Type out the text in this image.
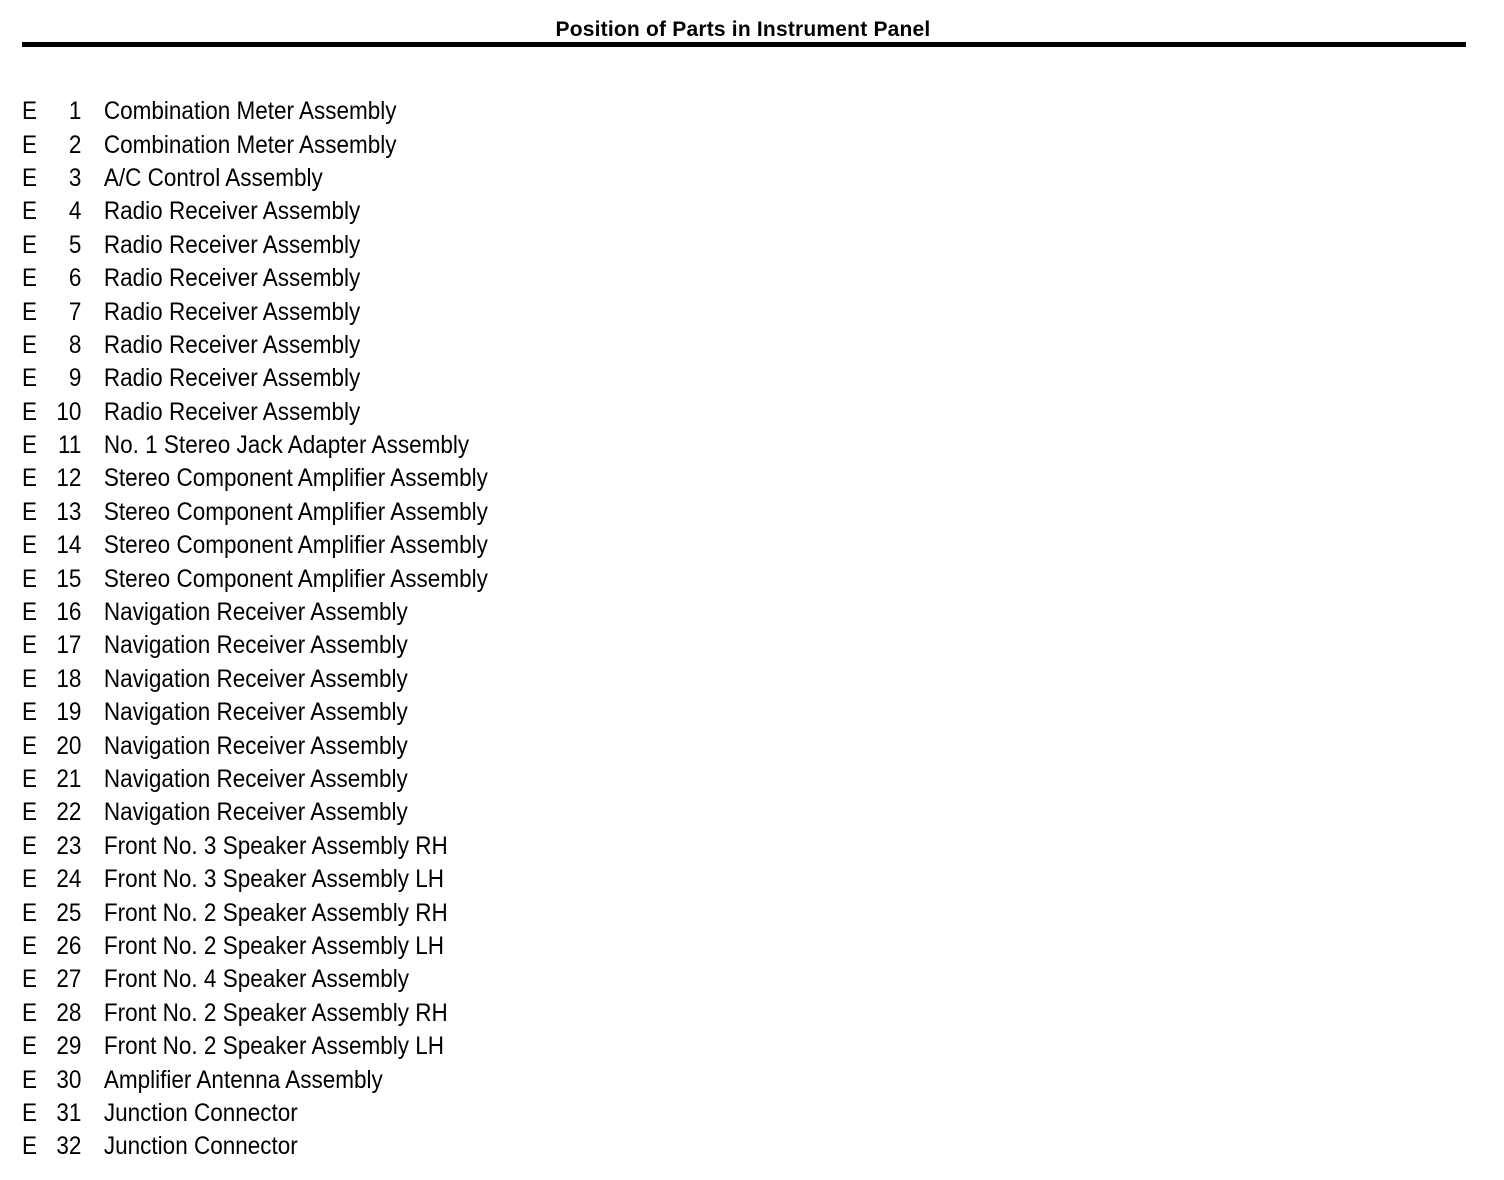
Position of Parts in Instrument Panel
E	1 Combination Meter Assembly
E	2 Combination Meter Assembly
E	3 A/C Control Assembly
E	4 Radio Receiver Assembly
E	5 Radio Receiver Assembly
E	6 Radio Receiver Assembly
E	7 Radio Receiver Assembly
E	8 Radio Receiver Assembly
E	9 Radio Receiver Assembly
E 10 Radio Receiver Assembly
E 11 No. 1 Stereo Jack Adapter Assembly
E 12 Stereo Component Amplifier Assembly
E 13 Stereo Component Amplifier Assembly
E 14 Stereo Component Amplifier Assembly
E 15 Stereo Component Amplifier Assembly
E 16 Navigation Receiver Assembly
E 17 Navigation Receiver Assembly
E 18 Navigation Receiver Assembly
E 19 Navigation Receiver Assembly
E 20 Navigation Receiver Assembly
E 21 Navigation Receiver Assembly
E 22 Navigation Receiver Assembly
E 23 Front No. 3 Speaker Assembly RH
E 24 Front No. 3 Speaker Assembly LH
E 25 Front No. 2 Speaker Assembly RH
E 26 Front No. 2 Speaker Assembly LH
E 27 Front No. 4 Speaker Assembly
E 28 Front No. 2 Speaker Assembly RH
E 29 Front No. 2 Speaker Assembly LH
E 30 Amplifier Antenna Assembly
E 31 Junction Connector
E 32 Junction Connector
